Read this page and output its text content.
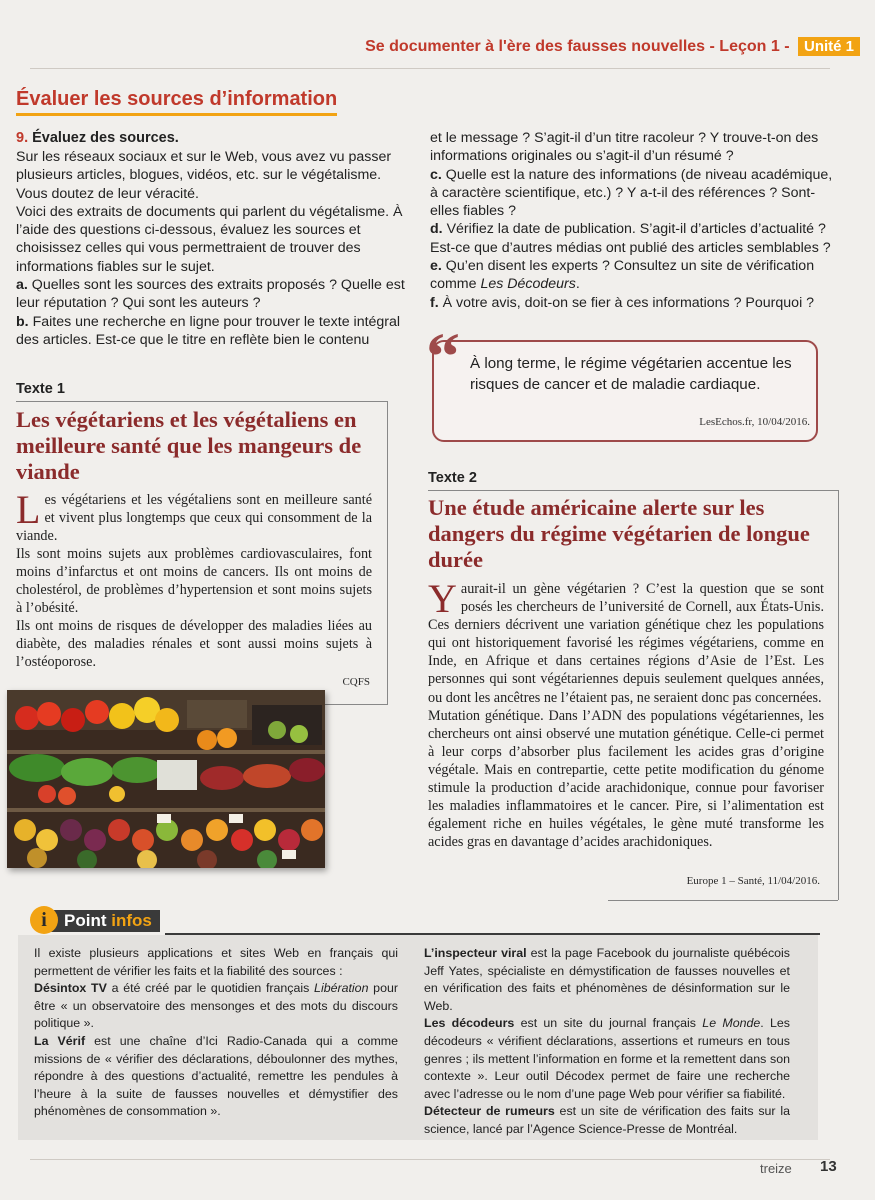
Se documenter à l'ère des fausses nouvelles - Leçon 1 - Unité 1
Évaluer les sources d’information
9. Évaluez des sources.

Sur les réseaux sociaux et sur le Web, vous avez vu passer plusieurs articles, blogues, vidéos, etc. sur le végétalisme. Vous doutez de leur véracité.

Voici des extraits de documents qui parlent du végétalisme. À l’aide des questions ci-dessous, évaluez les sources et choisissez celles qui vous permettraient de trouver des informations fiables sur le sujet.

a. Quelles sont les sources des extraits proposés ? Quelle est leur réputation ? Qui sont les auteurs ?

b. Faites une recherche en ligne pour trouver le texte intégral des articles. Est-ce que le titre en reflète bien le contenu

et le message ? S’agit-il d’un titre racoleur ? Y trouve-t-on des informations originales ou s’agit-il d’un résumé ?

c. Quelle est la nature des informations (de niveau académique, à caractère scientifique, etc.) ? Y a-t-il des références ? Sont-elles fiables ?

d. Vérifiez la date de publication. S’agit-il d’articles d’actualité ? Est-ce que d’autres médias ont publié des articles semblables ?

e. Qu’en disent les experts ? Consultez un site de vérification comme Les Décodeurs.

f. À votre avis, doit-on se fier à ces informations ? Pourquoi ?

“ À long terme, le régime végétarien accentue les risques de cancer et de maladie cardiaque.
LesEchos.fr, 10/04/2016.
Texte 1
Les végétariens et les végétaliens en meilleure santé que les mangeurs de viande

Les végétariens et les végétaliens sont en meilleure santé et vivent plus longtemps que ceux qui consomment de la viande.

Ils sont moins sujets aux problèmes cardiovasculaires, font moins d’infarctus et ont moins de cancers. Ils ont moins de cholestérol, de problèmes d’hypertension et sont moins sujets à l’obésité.

Ils ont moins de risques de développer des maladies liées au diabète, des maladies rénales et sont aussi moins sujets à l’ostéoporose.

CQFS
Texte 2
Une étude américaine alerte sur les dangers du régime végétarien de longue durée

Yaurait-il un gène végétarien ? C’est la question que se sont posés les chercheurs de l’université de Cornell, aux États-Unis. Ces derniers décrivent une variation génétique chez les populations qui ont historiquement favorisé les régimes végétariens, comme en Inde, en Afrique et dans certaines régions d’Asie de l’Est. Les personnes qui sont végétariennes depuis seulement quelques années, ou dont les ancêtres ne l’étaient pas, ne seraient donc pas concernées.

Mutation génétique. Dans l’ADN des populations végétariennes, les chercheurs ont ainsi observé une mutation génétique. Celle-ci permet à leur corps d’absorber plus facilement les acides gras d’origine végétale. Mais en contrepartie, cette petite modification du génome stimule la production d’acide arachidonique, connue pour favoriser les maladies inflammatoires et le cancer. Pire, si l’alimentation est également riche en huiles végétales, le gène muté transforme les acides gras en davantage d’acides arachidoniques.

Europe 1 – Santé, 11/04/2016.
Point infos
i

Il existe plusieurs applications et sites Web en français qui permettent de vérifier les faits et la fiabilité des sources :

Désintox TV a été créé par le quotidien français Libération pour être « un observatoire des mensonges et des mots du discours politique ».

La Vérif est une chaîne d’Ici Radio-Canada qui a comme missions de « vérifier des déclarations, déboulonner des mythes, répondre à des questions d’actualité, remettre les pendules à l’heure à la suite de fausses nouvelles et démystifier des phénomènes de consommation ».

L’inspecteur viral est la page Facebook du journaliste québécois Jeff Yates, spécialiste en démystification de fausses nouvelles et en vérification des faits et phénomènes de désinformation sur le Web.

Les décodeurs est un site du journal français Le Monde. Les décodeurs « vérifient déclarations, assertions et rumeurs en tous genres ; ils mettent l’information en forme et la remettent dans son contexte ». Leur outil Décodex permet de faire une recherche avec l’adresse ou le nom d’une page Web pour vérifier sa fiabilité.

Détecteur de rumeurs est un site de vérification des faits sur la science, lancé par l’Agence Science-Presse de Montréal.

treize 13
